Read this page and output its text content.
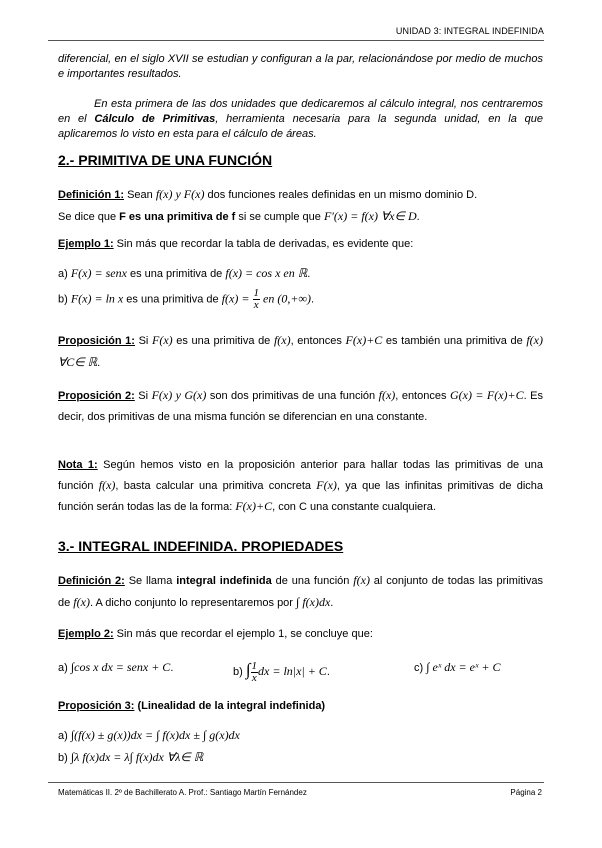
UNIDAD 3: INTEGRAL INDEFINIDA
diferencial, en el siglo XVII se estudian y configuran a la par, relacionándose por medio de muchos e importantes resultados.
En esta primera de las dos unidades que dedicaremos al cálculo integral, nos centraremos en el Cálculo de Primitivas, herramienta necesaria para la segunda unidad, en la que aplicaremos lo visto en esta para el cálculo de áreas.
2.- PRIMITIVA DE UNA FUNCIÓN
Definición 1: Sean f(x) y F(x) dos funciones reales definidas en un mismo dominio D.
Se dice que F es una primitiva de f si se cumple que F′(x) = f(x) ∀x∈ D.
Ejemplo 1: Sin más que recordar la tabla de derivadas, es evidente que:
a) F(x) = senx es una primitiva de f(x) = cos x en ℝ.
b) F(x) = ln x es una primitiva de $f(x) = \frac{1}{x}$ en (0,+∞).
Proposición 1: Si F(x) es una primitiva de f(x), entonces F(x)+C es también una primitiva de f(x) ∀C∈ ℝ.
Proposición 2: Si F(x) y G(x) son dos primitivas de una función f(x), entonces G(x) = F(x)+C. Es decir, dos primitivas de una misma función se diferencian en una constante.
Nota 1: Según hemos visto en la proposición anterior para hallar todas las primitivas de una función f(x), basta calcular una primitiva concreta F(x), ya que las infinitas primitivas de dicha función serán todas las de la forma: F(x)+C, con C una constante cualquiera.
3.- INTEGRAL INDEFINIDA. PROPIEDADES
Definición 2: Se llama integral indefinida de una función f(x) al conjunto de todas las primitivas de f(x). A dicho conjunto lo representaremos por ∫ f(x)dx.
Ejemplo 2: Sin más que recordar el ejemplo 1, se concluye que:
a) ∫cos x dx = senx + C.	b) ∫ $\frac{1}{x}$ dx = ln|x| + C.	c) ∫ eˣ dx = eˣ + C
Proposición 3: (Linealidad de la integral indefinida)
a) ∫(f(x) ± g(x))dx = ∫ f(x)dx ± ∫ g(x)dx
b) ∫λ f(x)dx = λ∫ f(x)dx ∀λ∈ ℝ
Matemáticas II. 2º de Bachillerato A. Prof.: Santiago Martín Fernández	Página 2
